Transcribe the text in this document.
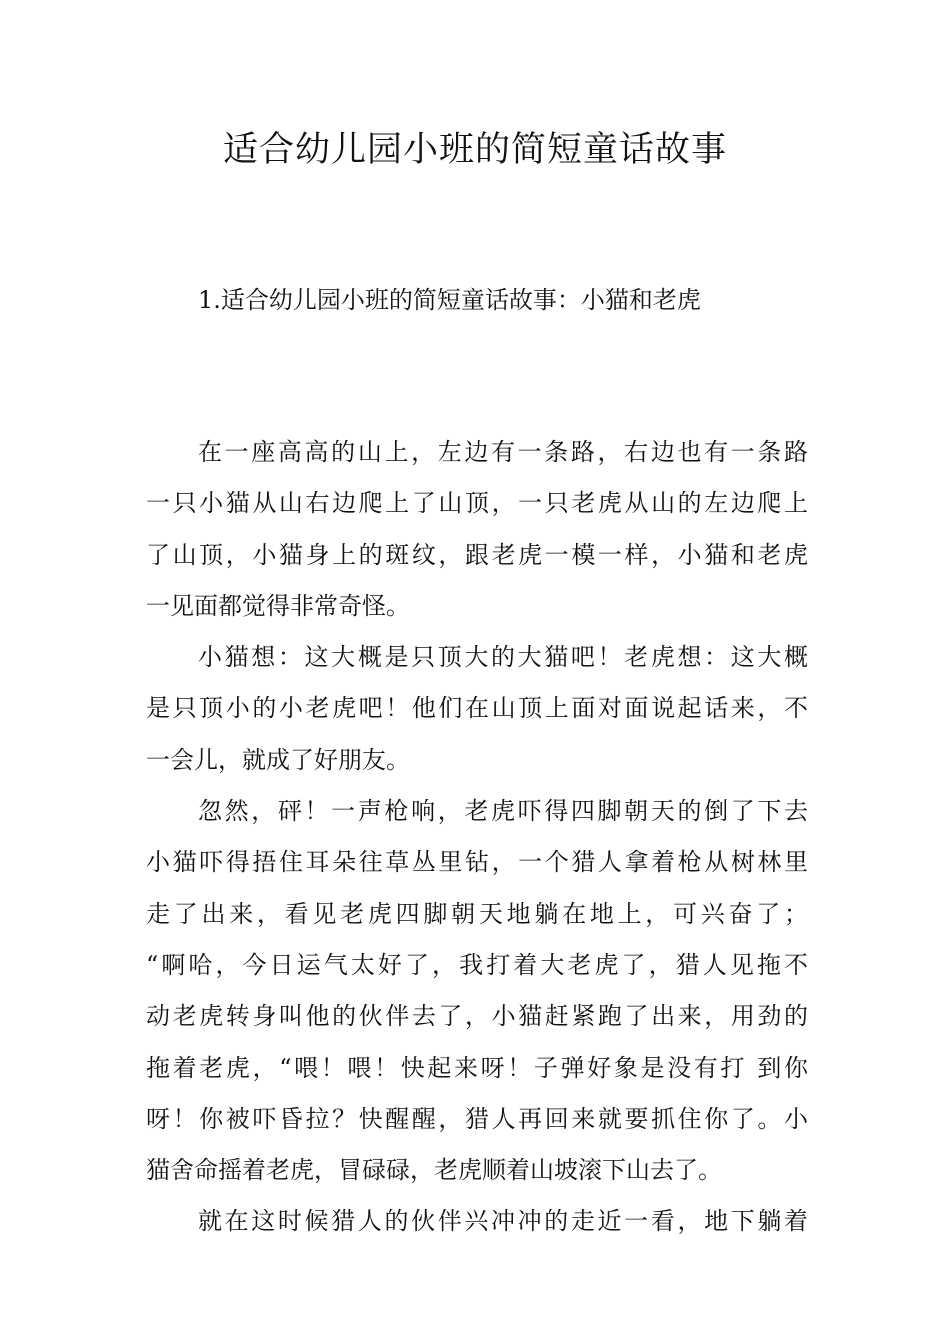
适合幼儿园小班的简短童话故事

1.适合幼儿园小班的简短童话故事：小猫和老虎

在一座高高的山上，左边有一条路，右边也有一条路
一只小猫从山右边爬上了山顶，一只老虎从山的左边爬上
了山顶，小猫身上的斑纹，跟老虎一模一样，小猫和老虎
一见面都觉得非常奇怪。

小猫想：这大概是只顶大的大猫吧！老虎想：这大概
是只顶小的小老虎吧！他们在山顶上面对面说起话来，不
一会儿，就成了好朋友。

忽然，砰！一声枪响，老虎吓得四脚朝天的倒了下去
小猫吓得捂住耳朵往草丛里钻，一个猎人拿着枪从树林里
走了出来，看见老虎四脚朝天地躺在地上，可兴奋了；
“啊哈，今日运气太好了，我打着大老虎了，猎人见拖不
动老虎转身叫他的伙伴去了，小猫赶紧跑了出来，用劲的
拖着老虎，“喂！喂！快起来呀！子弹好象是没有打 到你
呀！你被吓昏拉？快醒醒，猎人再回来就要抓住你了。小
猫舍命摇着老虎，冒碌碌，老虎顺着山坡滚下山去了。

就在这时候猎人的伙伴兴冲冲的走近一看，地下躺着
